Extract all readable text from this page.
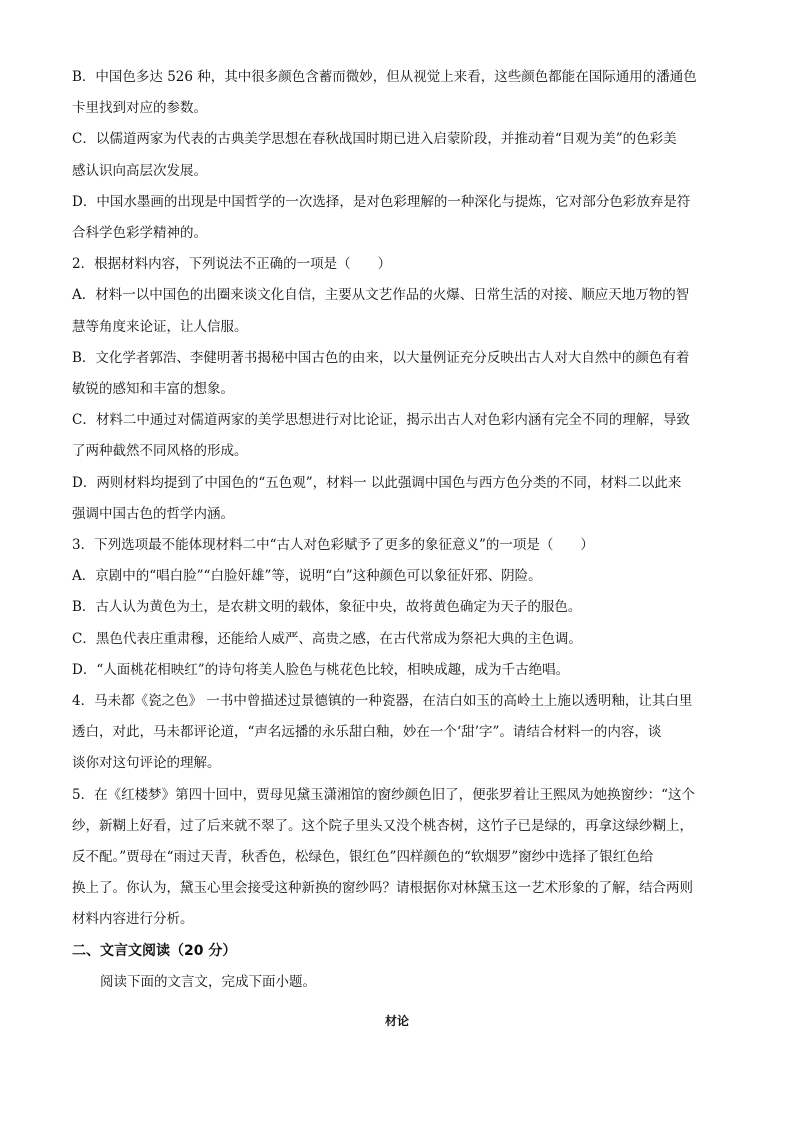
B．中国色多达 526 种，其中很多颜色含蓄而微妙，但从视觉上来看，这些颜色都能在国际通用的潘通色

卡里找到对应的参数。

C．以儒道两家为代表的古典美学思想在春秋战国时期已进入启蒙阶段，并推动着“目观为美”的色彩美

感认识向高层次发展。

D．中国水墨画的出现是中国哲学的一次选择，是对色彩理解的一种深化与提炼，它对部分色彩放弃是符

合科学色彩学精神的。

2．根据材料内容，下列说法不正确的一项是（　　）

A．材料一以中国色的出圈来谈文化自信，主要从文艺作品的火爆、日常生活的对接、顺应天地万物的智

慧等角度来论证，让人信服。

B．文化学者郭浩、李健明著书揭秘中国古色的由来，以大量例证充分反映出古人对大自然中的颜色有着

敏锐的感知和丰富的想象。

C．材料二中通过对儒道两家的美学思想进行对比论证，揭示出古人对色彩内涵有完全不同的理解，导致

了两种截然不同风格的形成。

D．两则材料均提到了中国色的“五色观”，材料一 以此强调中国色与西方色分类的不同，材料二以此来

强调中国古色的哲学内涵。

3．下列选项最不能体现材料二中“古人对色彩赋予了更多的象征意义”的一项是（　　）

A．京剧中的“唱白脸”“白脸奸雄”等，说明“白”这种颜色可以象征奸邪、阴险。

B．古人认为黄色为土，是农耕文明的载体，象征中央，故将黄色确定为天子的服色。

C．黑色代表庄重肃穆，还能给人威严、高贵之感，在古代常成为祭祀大典的主色调。

D．“人面桃花相映红”的诗句将美人脸色与桃花色比较，相映成趣，成为千古绝唱。

4．马未都《瓷之色》 一书中曾描述过景德镇的一种瓷器，在洁白如玉的高岭土上施以透明釉，让其白里

透白，对此，马未都评论道，“声名远播的永乐甜白釉，妙在一个‘甜’字”。请结合材料一的内容，谈

谈你对这句评论的理解。

5．在《红楼梦》第四十回中，贾母见黛玉潇湘馆的窗纱颜色旧了，便张罗着让王熙凤为她换窗纱：“这个

纱，新糊上好看，过了后来就不翠了。这个院子里头又没个桃杏树，这竹子已是绿的，再拿这绿纱糊上，

反不配。”贾母在“雨过天青，秋香色，松绿色，银红色”四样颜色的“软烟罗”窗纱中选择了银红色给

换上了。你认为，黛玉心里会接受这种新换的窗纱吗？请根据你对林黛玉这一艺术形象的了解，结合两则

材料内容进行分析。

二、文言文阅读（20 分）

阅读下面的文言文，完成下面小题。

材论
